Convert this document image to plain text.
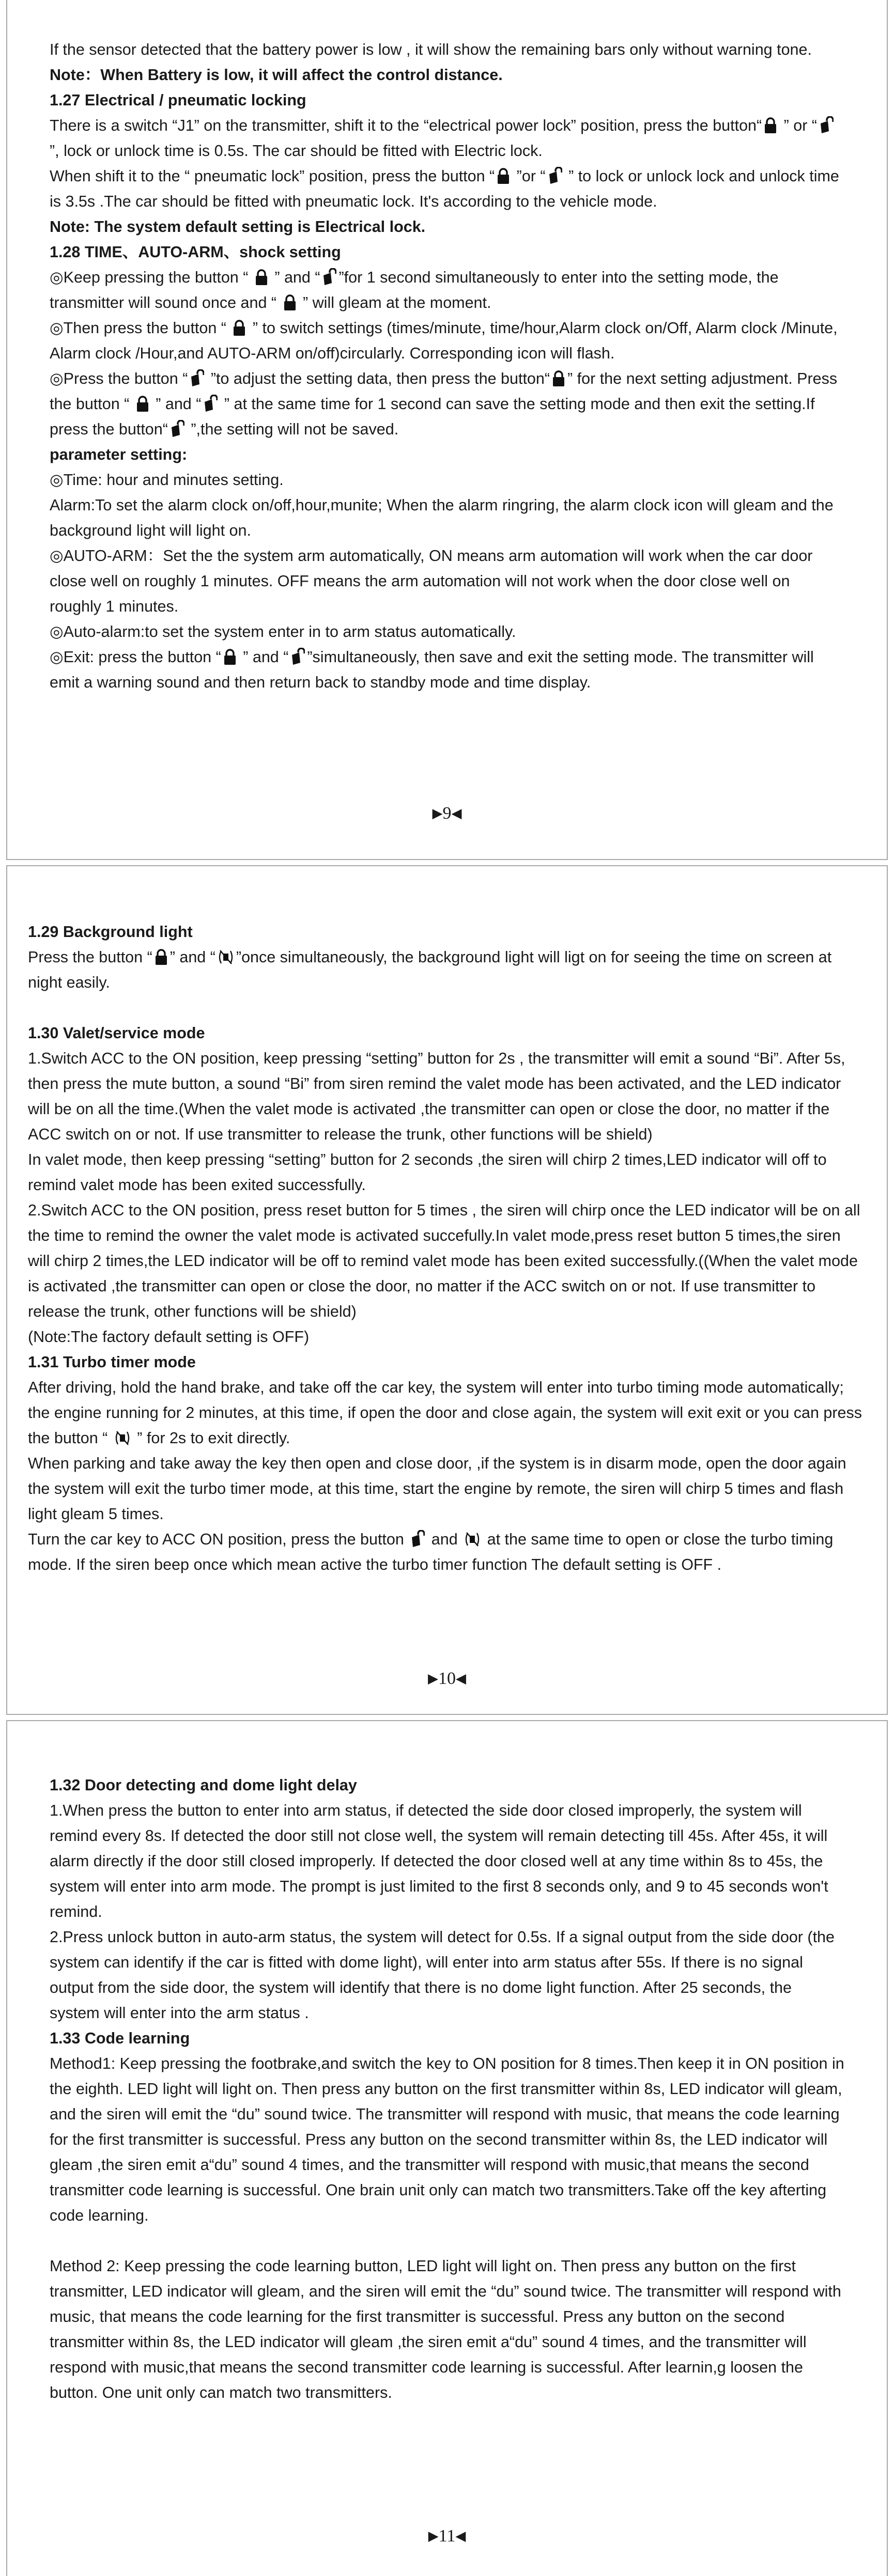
If the sensor detected that the battery power is low , it will show the remaining bars only without warning tone.

Note：When Battery is low, it will affect the control distance.

1.27 Electrical / pneumatic locking

There is a switch “J1” on the transmitter, shift it to the “electrical power lock” position, press the button“
” or “
”, lock or unlock time is 0.5s. The car should be fitted with Electric lock.

When shift it to the “ pneumatic lock” position, press the button “
”or “
” to lock or unlock lock and unlock time is 3.5s .The car should be fitted with pneumatic lock. It's according to the vehicle mode.

Note: The system default setting is Electrical lock.

1.28 TIME、AUTO-ARM、shock setting

◎Keep pressing the button “
” and “ ”for 1 second simultaneously to enter into the setting mode, the transmitter will sound once and “
” will gleam at the moment.

◎Then press the button “
” to switch settings (times/minute, time/hour,Alarm clock on/Off, Alarm clock /Minute, Alarm clock /Hour,and AUTO-ARM on/off)circularly. Corresponding icon will flash.

◎Press the button “
”to adjust the setting data, then press the button“ ” for the next setting adjustment. Press the button “
” and “
” at the same time for 1 second can save the setting mode and then exit the setting.If press the button“
”,the setting will not be saved.

parameter setting:

◎Time: hour and minutes setting.

Alarm:To set the alarm clock on/off,hour,munite; When the alarm ringring, the alarm clock icon will gleam and the background light will light on.

◎AUTO-ARM：Set the the system arm automatically, ON means arm automation will work when the car door close well on roughly 1 minutes. OFF means the arm automation will not work when the door close well on roughly 1 minutes.

◎Auto-alarm:to set the system enter in to arm status automatically.

◎Exit: press the button “
” and “ ”simultaneously, then save and exit the setting mode. The transmitter will emit a warning sound and then return back to standby mode and time display.

▶9◀

1.29 Background light

Press the button “ ” and “ ”once simultaneously, the background light will ligt on for seeing the time on screen at night easily.

1.30 Valet/service mode

1.Switch ACC to the ON position, keep pressing “setting” button for 2s , the transmitter will emit a sound “Bi”. After 5s, then press the mute button, a sound “Bi” from siren remind the valet mode has been activated, and the LED indicator will be on all the time.(When the valet mode is activated ,the transmitter can open or close the door, no matter if the ACC switch on or not. If use transmitter to release the trunk, other functions will be shield)

In valet mode, then keep pressing “setting” button for 2 seconds ,the siren will chirp 2 times,LED indicator will off to remind valet mode has been exited successfully.

2.Switch ACC to the ON position, press reset button for 5 times , the siren will chirp once the LED indicator will be on all the time to remind the owner the valet mode is activated succefully.In valet mode,press reset button 5 times,the siren will chirp 2 times,the LED indicator will be off to remind valet mode has been exited successfully.((When the valet mode is activated ,the transmitter can open or close the door, no matter if the ACC switch on or not. If use transmitter to release the trunk, other functions will be shield)

(Note:The factory default setting is OFF)

1.31 Turbo timer mode

After driving, hold the hand brake, and take off the car key, the system will enter into turbo timing mode automatically; the engine running for 2 minutes, at this time, if open the door and close again, the system will exit exit or you can press the button “
” for 2s to exit directly.

When parking and take away the key then open and close door, ,if the system is in disarm mode, open the door again the system will exit the turbo timer mode, at this time, start the engine by remote, the siren will chirp 5 times and flash light gleam 5 times.

Turn the car key to ACC ON position, press the button
and
at the same time to open or close the turbo timing mode. If the siren beep once which mean active the turbo timer function The default setting is OFF .

▶10◀

1.32 Door detecting and dome light delay

1.When press the button to enter into arm status, if detected the side door closed improperly, the system will remind every 8s. If detected the door still not close well, the system will remain detecting till 45s. After 45s, it will alarm directly if the door still closed improperly. If detected the door closed well at any time within 8s to 45s, the system will enter into arm mode. The prompt is just limited to the first 8 seconds only, and 9 to 45 seconds won't remind.

2.Press unlock button in auto-arm status, the system will detect for 0.5s. If a signal output from the side door (the system can identify if the car is fitted with dome light), will enter into arm status after 55s. If there is no signal output from the side door, the system will identify that there is no dome light function. After 25 seconds, the system will enter into the arm status .

1.33 Code learning

Method1: Keep pressing the footbrake,and switch the key to ON position for 8 times.Then keep it in ON position in the eighth. LED light will light on. Then press any button on the first transmitter within 8s, LED indicator will gleam, and the siren will emit the “du” sound twice. The transmitter will respond with music, that means the code learning for the first transmitter is successful. Press any button on the second transmitter within 8s, the LED indicator will gleam ,the siren emit a“du” sound 4 times, and the transmitter will respond with music,that means the second transmitter code learning is successful. One brain unit only can match two transmitters.Take off the key afterting code learning.

Method 2: Keep pressing the code learning button, LED light will light on. Then press any button on the first transmitter, LED indicator will gleam, and the siren will emit the “du” sound twice. The transmitter will respond with music, that means the code learning for the first transmitter is successful. Press any button on the second transmitter within 8s, the LED indicator will gleam ,the siren emit a“du” sound 4 times, and the transmitter will respond with music,that means the second transmitter code learning is successful. After learnin,g loosen the button. One unit only can match two transmitters.

▶11◀
